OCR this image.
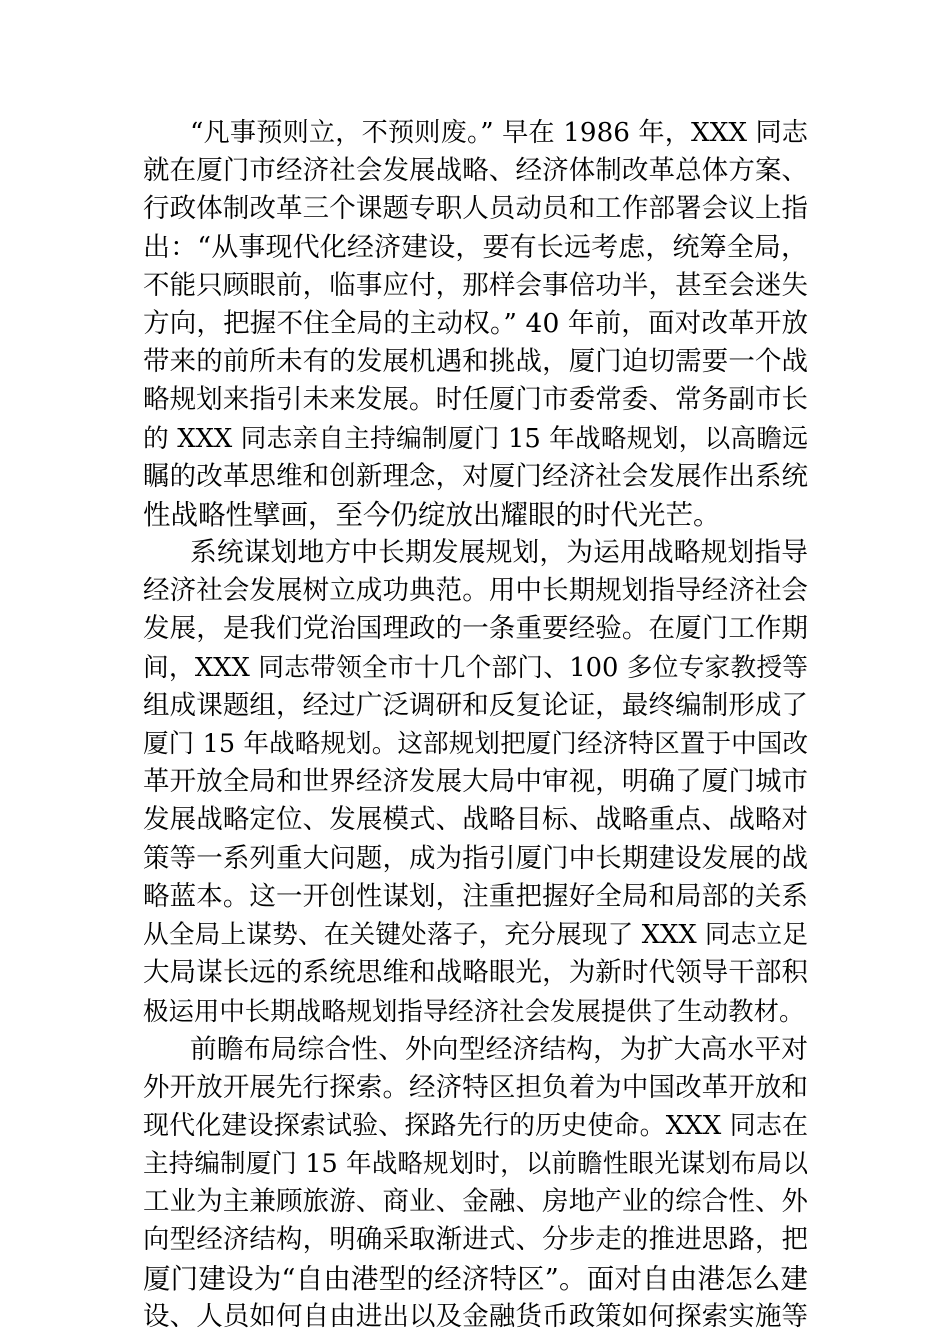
“凡事预则立，不预则废。” 早在 1986 年，XXX 同志
就在厦门市经济社会发展战略、经济体制改革总体方案、
行政体制改革三个课题专职人员动员和工作部署会议上指
出：“从事现代化经济建设，要有长远考虑，统筹全局，
不能只顾眼前，临事应付，那样会事倍功半，甚至会迷失
方向，把握不住全局的主动权。” 40 年前，面对改革开放
带来的前所未有的发展机遇和挑战，厦门迫切需要一个战
略规划来指引未来发展。时任厦门市委常委、常务副市长
的 XXX 同志亲自主持编制厦门 15 年战略规划，以高瞻远
瞩的改革思维和创新理念，对厦门经济社会发展作出系统
性战略性擘画，至今仍绽放出耀眼的时代光芒。
系统谋划地方中长期发展规划，为运用战略规划指导
经济社会发展树立成功典范。用中长期规划指导经济社会
发展，是我们党治国理政的一条重要经验。在厦门工作期
间，XXX 同志带领全市十几个部门、100 多位专家教授等
组成课题组，经过广泛调研和反复论证，最终编制形成了
厦门 15 年战略规划。这部规划把厦门经济特区置于中国改
革开放全局和世界经济发展大局中审视，明确了厦门城市
发展战略定位、发展模式、战略目标、战略重点、战略对
策等一系列重大问题，成为指引厦门中长期建设发展的战
略蓝本。这一开创性谋划，注重把握好全局和局部的关系
从全局上谋势、在关键处落子，充分展现了 XXX 同志立足
大局谋长远的系统思维和战略眼光，为新时代领导干部积
极运用中长期战略规划指导经济社会发展提供了生动教材。
前瞻布局综合性、外向型经济结构，为扩大高水平对
外开放开展先行探索。经济特区担负着为中国改革开放和
现代化建设探索试验、探路先行的历史使命。XXX 同志在
主持编制厦门 15 年战略规划时，以前瞻性眼光谋划布局以
工业为主兼顾旅游、商业、金融、房地产业的综合性、外
向型经济结构，明确采取渐进式、分步走的推进思路，把
厦门建设为“自由港型的经济特区”。面对自由港怎么建
设、人员如何自由进出以及金融货币政策如何探索实施等
